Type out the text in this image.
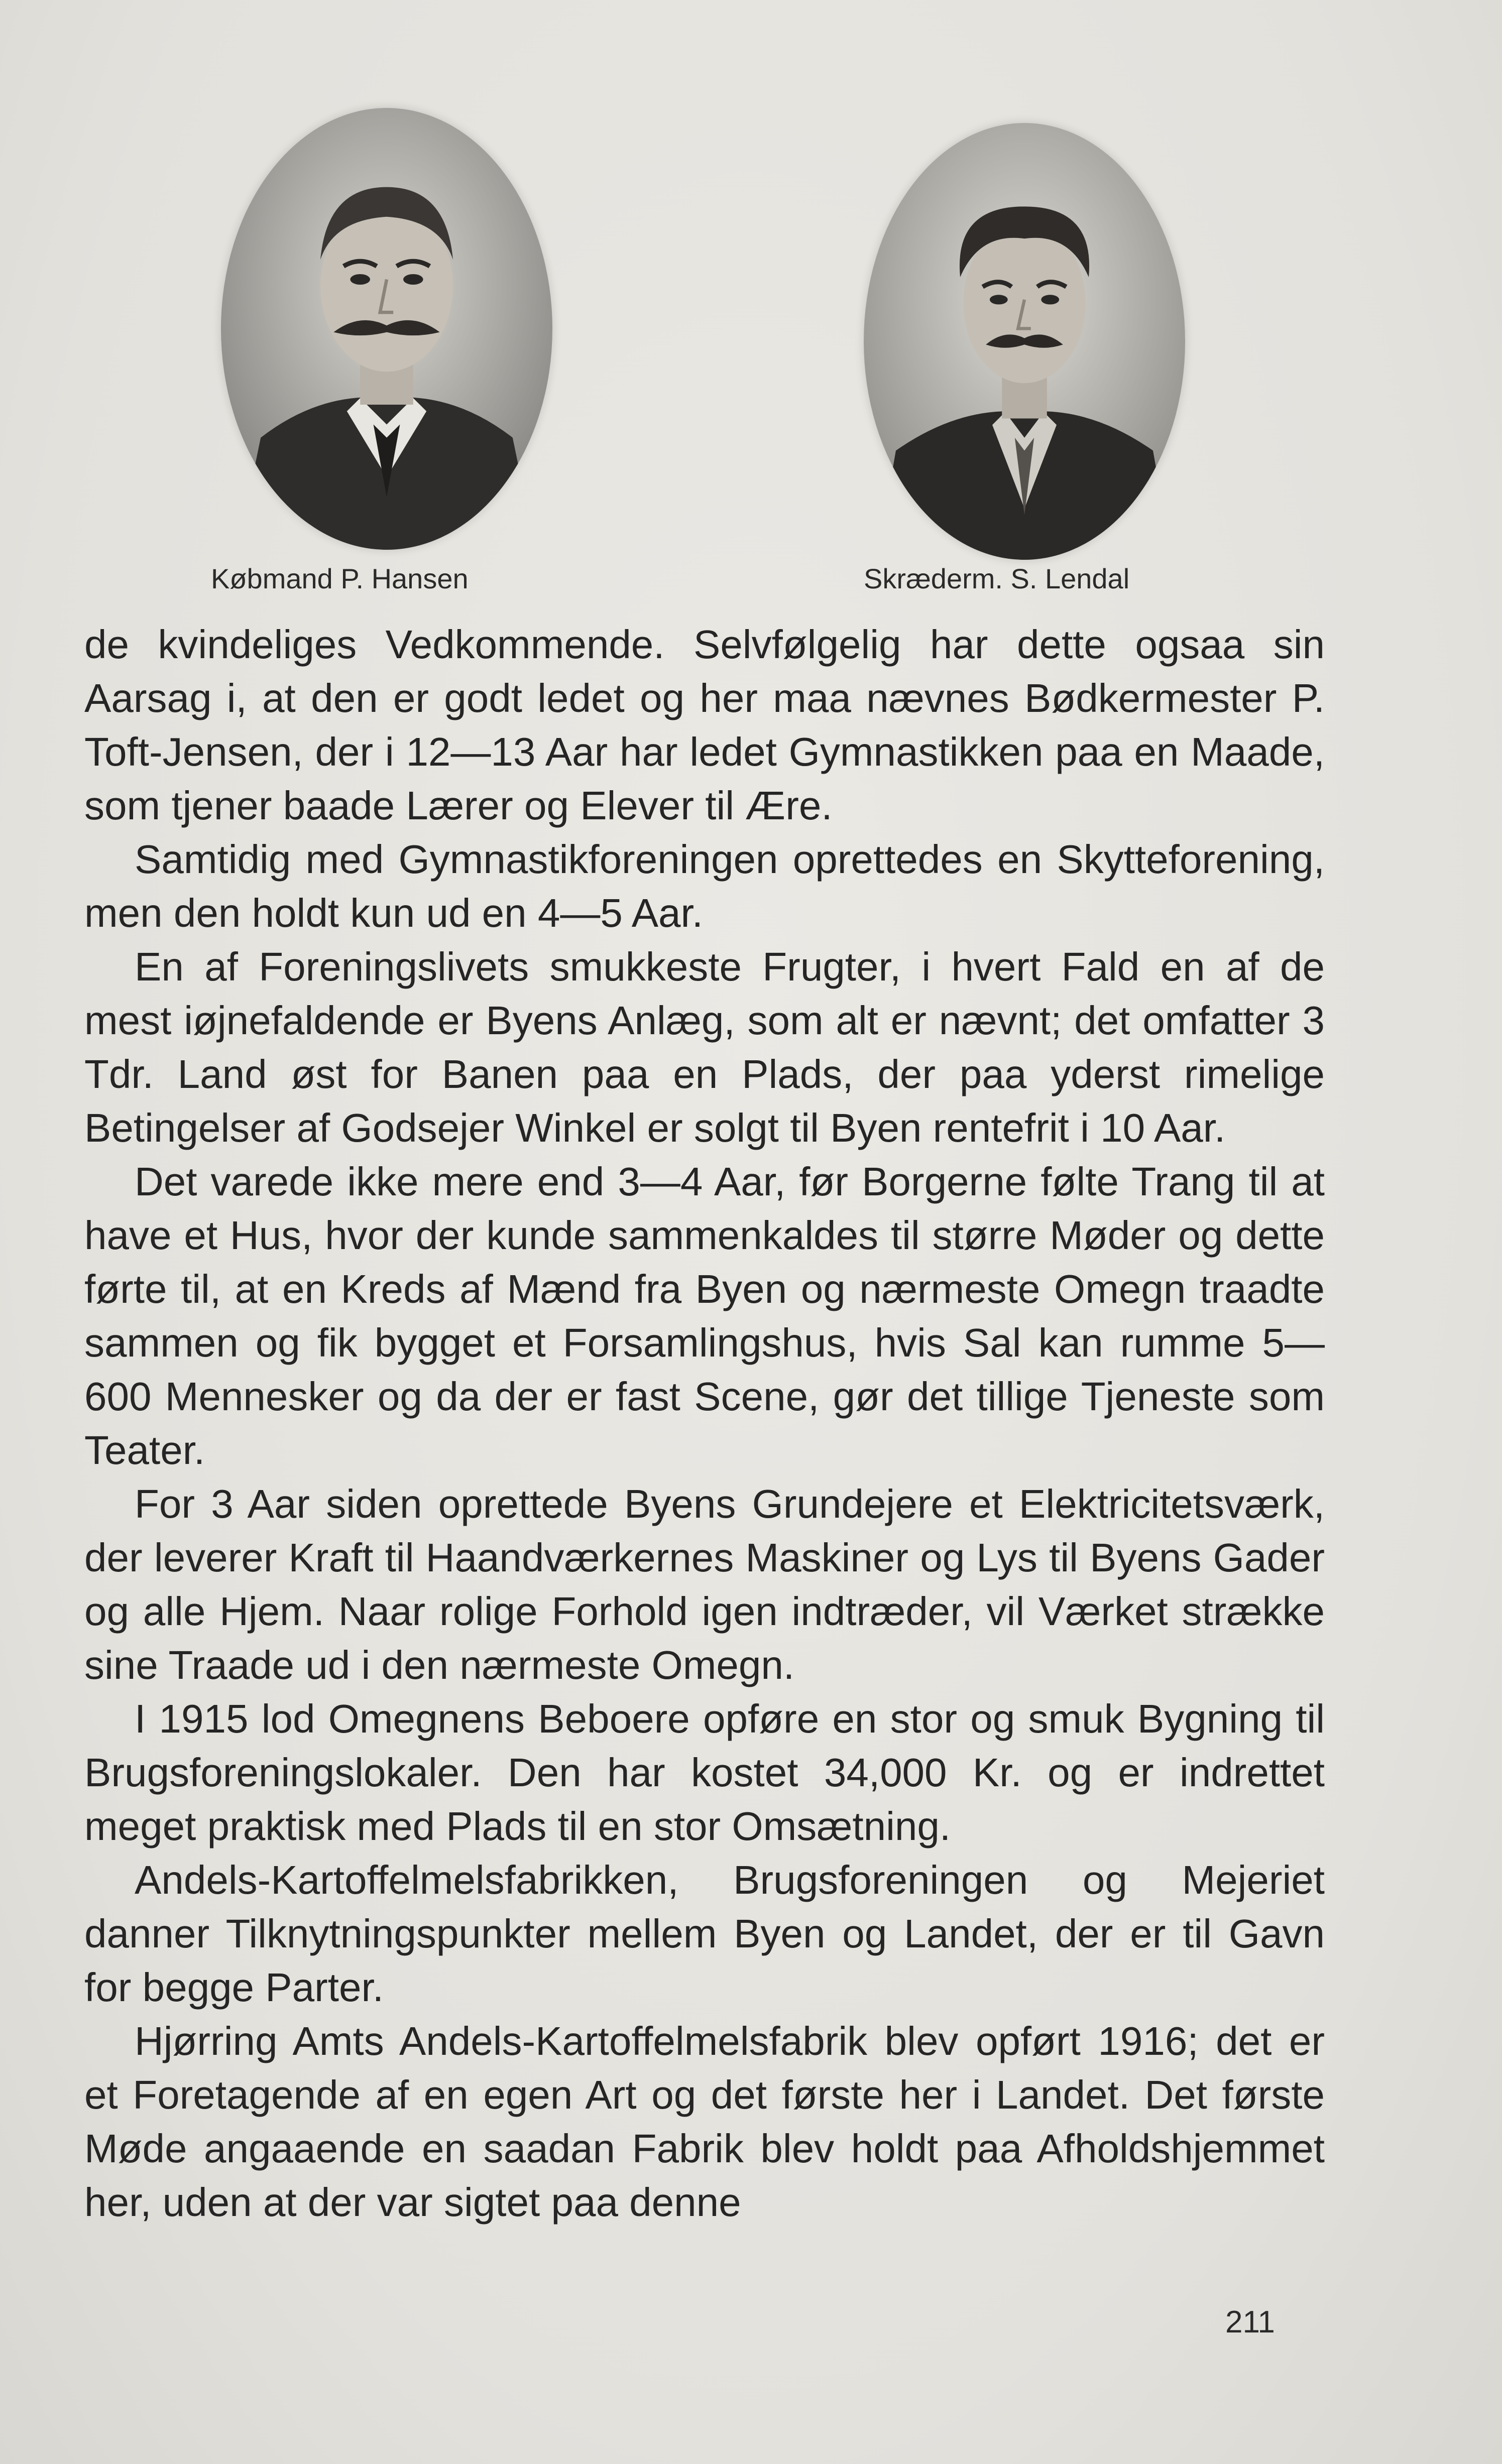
Købmand P. Hansen	Skræderm. S. Lendal

de kvindeliges Vedkommende. Selvfølgelig har dette ogsaa sin Aarsag i, at den er godt ledet og her maa nævnes Bødkermester P. Toft-Jensen, der i 12—13 Aar har ledet Gymnastikken paa en Maade, som tjener baade Lærer og Elever til Ære.

Samtidig med Gymnastikforeningen oprettedes en Skytteforening, men den holdt kun ud en 4—5 Aar.

En af Foreningslivets smukkeste Frugter, i hvert Fald en af de mest iøjnefaldende er Byens Anlæg, som alt er nævnt; det omfatter 3 Tdr. Land øst for Banen paa en Plads, der paa yderst rimelige Betingelser af Godsejer Winkel er solgt til Byen rentefrit i 10 Aar.

Det varede ikke mere end 3—4 Aar, før Borgerne følte Trang til at have et Hus, hvor der kunde sammenkaldes til større Møder og dette førte til, at en Kreds af Mænd fra Byen og nærmeste Omegn traadte sammen og fik bygget et Forsamlingshus, hvis Sal kan rumme 5—600 Mennesker og da der er fast Scene, gør det tillige Tjeneste som Teater.

For 3 Aar siden oprettede Byens Grundejere et Elektricitetsværk, der leverer Kraft til Haandværkernes Maskiner og Lys til Byens Gader og alle Hjem. Naar rolige Forhold igen indtræder, vil Værket strække sine Traade ud i den nærmeste Omegn.

I 1915 lod Omegnens Beboere opføre en stor og smuk Bygning til Brugsforeningslokaler. Den har kostet 34,000 Kr. og er indrettet meget praktisk med Plads til en stor Omsætning.

Andels-Kartoffelmelsfabrikken, Brugsforeningen og Mejeriet danner Tilknytningspunkter mellem Byen og Landet, der er til Gavn for begge Parter.

Hjørring Amts Andels-Kartoffelmelsfabrik blev opført 1916; det er et Foretagende af en egen Art og det første her i Landet. Det første Møde angaaende en saadan Fabrik blev holdt paa Afholdshjemmet her, uden at der var sigtet paa denne

211
